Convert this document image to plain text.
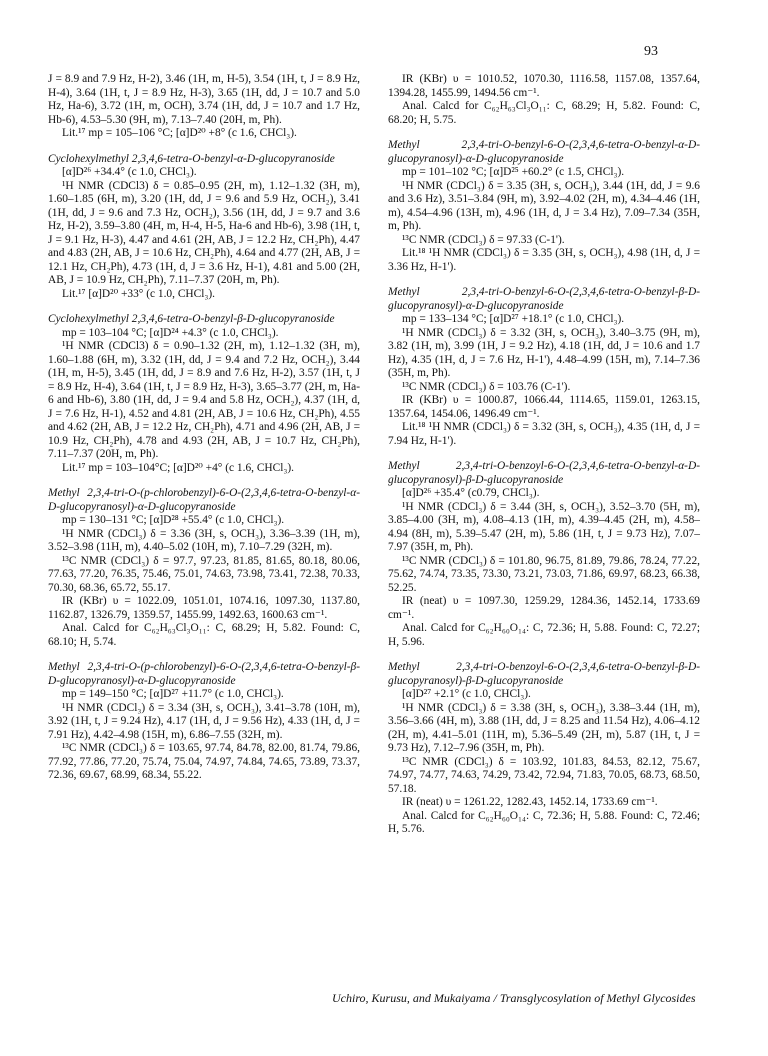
93
J = 8.9 and 7.9 Hz, H-2), 3.46 (1H, m, H-5), 3.54 (1H, t, J = 8.9 Hz, H-4), 3.64 (1H, t, J = 8.9 Hz, H-3), 3.65 (1H, dd, J = 10.7 and 5.0 Hz, Ha-6), 3.72 (1H, m, OCH), 3.74 (1H, dd, J = 10.7 and 1.7 Hz, Hb-6), 4.53–5.30 (9H, m), 7.13–7.40 (20H, m, Ph).
Lit.¹⁷ mp = 105–106 °C; [α]D²⁰ +8° (c 1.6, CHCl₃).
Cyclohexylmethyl 2,3,4,6-tetra-O-benzyl-α-D-glucopyranoside
[α]D²⁶ +34.4° (c 1.0, CHCl₃).
¹H NMR (CDCl3) δ = 0.85–0.95 (2H, m), 1.12–1.32 (3H, m), 1.60–1.85 (6H, m), 3.20 (1H, dd, J = 9.6 and 5.9 Hz, OCH₂), 3.41 (1H, dd, J = 9.6 and 7.3 Hz, OCH₂), 3.56 (1H, dd, J = 9.7 and 3.6 Hz, H-2), 3.59–3.80 (4H, m, H-4, H-5, Ha-6 and Hb-6), 3.98 (1H, t, J = 9.1 Hz, H-3), 4.47 and 4.61 (2H, AB, J = 12.2 Hz, CH₂Ph), 4.47 and 4.83 (2H, AB, J = 10.6 Hz, CH₂Ph), 4.64 and 4.77 (2H, AB, J = 12.1 Hz, CH₂Ph), 4.73 (1H, d, J = 3.6 Hz, H-1), 4.81 and 5.00 (2H, AB, J = 10.9 Hz, CH₂Ph), 7.11–7.37 (20H, m, Ph).
Lit.¹⁷ [α]D²⁰ +33° (c 1.0, CHCl₃).
Cyclohexylmethyl 2,3,4,6-tetra-O-benzyl-β-D-glucopyranoside
mp = 103–104 °C; [α]D²⁴ +4.3° (c 1.0, CHCl₃).
¹H NMR (CDCl3) δ = 0.90–1.32 (2H, m), 1.12–1.32 (3H, m), 1.60–1.88 (6H, m), 3.32 (1H, dd, J = 9.4 and 7.2 Hz, OCH₂), 3.44 (1H, m, H-5), 3.45 (1H, dd, J = 8.9 and 7.6 Hz, H-2), 3.57 (1H, t, J = 8.9 Hz, H-4), 3.64 (1H, t, J = 8.9 Hz, H-3), 3.65–3.77 (2H, m, Ha-6 and Hb-6), 3.80 (1H, dd, J = 9.4 and 5.8 Hz, OCH₂), 4.37 (1H, d, J = 7.6 Hz, H-1), 4.52 and 4.81 (2H, AB, J = 10.6 Hz, CH₂Ph), 4.55 and 4.62 (2H, AB, J = 12.2 Hz, CH₂Ph), 4.71 and 4.96 (2H, AB, J = 10.9 Hz, CH₂Ph), 4.78 and 4.93 (2H, AB, J = 10.7 Hz, CH₂Ph), 7.11–7.37 (20H, m, Ph).
Lit.¹⁷ mp = 103–104°C; [α]D²⁰ +4° (c 1.6, CHCl₃).
Methyl 2,3,4-tri-O-(p-chlorobenzyl)-6-O-(2,3,4,6-tetra-O-benzyl-α-D-glucopyranosyl)-α-D-glucopyranoside
mp = 130–131 °C; [α]D²⁸ +55.4° (c 1.0, CHCl₃).
¹H NMR (CDCl₃) δ = 3.36 (3H, s, OCH₃), 3.36–3.39 (1H, m), 3.52–3.98 (11H, m), 4.40–5.02 (10H, m), 7.10–7.29 (32H, m).
¹³C NMR (CDCl₃) δ = 97.7, 97.23, 81.85, 81.65, 80.18, 80.06, 77.63, 77.20, 76.35, 75.46, 75.01, 74.63, 73.98, 73.41, 72.38, 70.33, 70.30, 68.36, 65.72, 55.17.
IR (KBr) υ = 1022.09, 1051.01, 1074.16, 1097.30, 1137.80, 1162.87, 1326.79, 1359.57, 1455.99, 1492.63, 1600.63 cm⁻¹.
Anal. Calcd for C₆₂H₆₃Cl₃O₁₁: C, 68.29; H, 5.82. Found: C, 68.10; H, 5.74.
Methyl 2,3,4-tri-O-(p-chlorobenzyl)-6-O-(2,3,4,6-tetra-O-benzyl-β-D-glucopyranosyl)-α-D-glucopyranoside
mp = 149–150 °C; [α]D²⁷ +11.7° (c 1.0, CHCl₃).
¹H NMR (CDCl₃) δ = 3.34 (3H, s, OCH₃), 3.41–3.78 (10H, m), 3.92 (1H, t, J = 9.24 Hz), 4.17 (1H, d, J = 9.56 Hz), 4.33 (1H, d, J = 7.91 Hz), 4.42–4.98 (15H, m), 6.86–7.55 (32H, m).
¹³C NMR (CDCl₃) δ = 103.65, 97.74, 84.78, 82.00, 81.74, 79.86, 77.92, 77.86, 77.20, 75.74, 75.04, 74.97, 74.84, 74.65, 73.89, 73.37, 72.36, 69.67, 68.99, 68.34, 55.22.
IR (KBr) υ = 1010.52, 1070.30, 1116.58, 1157.08, 1357.64, 1394.28, 1455.99, 1494.56 cm⁻¹.
Anal. Calcd for C₆₂H₆₃Cl₃O₁₁: C, 68.29; H, 5.82. Found: C, 68.20; H, 5.75.
Methyl 2,3,4-tri-O-benzyl-6-O-(2,3,4,6-tetra-O-benzyl-α-D-glucopyranosyl)-α-D-glucopyranoside
mp = 101–102 °C; [α]D²⁵ +60.2° (c 1.5, CHCl₃).
¹H NMR (CDCl₃) δ = 3.35 (3H, s, OCH₃), 3.44 (1H, dd, J = 9.6 and 3.6 Hz), 3.51–3.84 (9H, m), 3.92–4.02 (2H, m), 4.34–4.46 (1H, m), 4.54–4.96 (13H, m), 4.96 (1H, d, J = 3.4 Hz), 7.09–7.34 (35H, m, Ph).
¹³C NMR (CDCl₃) δ = 97.33 (C-1').
Lit.¹⁸ ¹H NMR (CDCl₃) δ = 3.35 (3H, s, OCH₃), 4.98 (1H, d, J = 3.36 Hz, H-1').
Methyl 2,3,4-tri-O-benzyl-6-O-(2,3,4,6-tetra-O-benzyl-β-D-glucopyranosyl)-α-D-glucopyranoside
mp = 133–134 °C; [α]D²⁷ +18.1° (c 1.0, CHCl₃).
¹H NMR (CDCl₃) δ = 3.32 (3H, s, OCH₃), 3.40–3.75 (9H, m), 3.82 (1H, m), 3.99 (1H, J = 9.2 Hz), 4.18 (1H, dd, J = 10.6 and 1.7 Hz), 4.35 (1H, d, J = 7.6 Hz, H-1'), 4.48–4.99 (15H, m), 7.14–7.36 (35H, m, Ph).
¹³C NMR (CDCl₃) δ = 103.76 (C-1').
IR (KBr) υ = 1000.87, 1066.44, 1114.65, 1159.01, 1263.15, 1357.64, 1454.06, 1496.49 cm⁻¹.
Lit.¹⁸ ¹H NMR (CDCl₃) δ = 3.32 (3H, s, OCH₃), 4.35 (1H, d, J = 7.94 Hz, H-1').
Methyl 2,3,4-tri-O-benzoyl-6-O-(2,3,4,6-tetra-O-benzyl-α-D-glucopyranosyl)-β-D-glucopyranoside
[α]D²⁶ +35.4° (c0.79, CHCl₃).
¹H NMR (CDCl₃) δ = 3.44 (3H, s, OCH₃), 3.52–3.70 (5H, m), 3.85–4.00 (3H, m), 4.08–4.13 (1H, m), 4.39–4.45 (2H, m), 4.58–4.94 (8H, m), 5.39–5.47 (2H, m), 5.86 (1H, t, J = 9.73 Hz), 7.07–7.97 (35H, m, Ph).
¹³C NMR (CDCl₃) δ = 101.80, 96.75, 81.89, 79.86, 78.24, 77.22, 75.62, 74.74, 73.35, 73.30, 73.21, 73.03, 71.86, 69.97, 68.23, 66.38, 52.25.
IR (neat) υ = 1097.30, 1259.29, 1284.36, 1452.14, 1733.69 cm⁻¹.
Anal. Calcd for C₆₂H₆₀O₁₄: C, 72.36; H, 5.88. Found: C, 72.27; H, 5.96.
Methyl 2,3,4-tri-O-benzoyl-6-O-(2,3,4,6-tetra-O-benzyl-β-D-glucopyranosyl)-β-D-glucopyranoside
[α]D²⁷ +2.1° (c 1.0, CHCl₃).
¹H NMR (CDCl₃) δ = 3.38 (3H, s, OCH₃), 3.38–3.44 (1H, m), 3.56–3.66 (4H, m), 3.88 (1H, dd, J = 8.25 and 11.54 Hz), 4.06–4.12 (2H, m), 4.41–5.01 (11H, m), 5.36–5.49 (2H, m), 5.87 (1H, t, J = 9.73 Hz), 7.12–7.96 (35H, m, Ph).
¹³C NMR (CDCl₃) δ = 103.92, 101.83, 84.53, 82.12, 75.67, 74.97, 74.77, 74.63, 74.29, 73.42, 72.94, 71.83, 70.05, 68.73, 68.50, 57.18.
IR (neat) υ = 1261.22, 1282.43, 1452.14, 1733.69 cm⁻¹.
Anal. Calcd for C₆₂H₆₀O₁₄: C, 72.36; H, 5.88. Found: C, 72.46; H, 5.76.
Uchiro, Kurusu, and Mukaiyama / Transglycosylation of Methyl Glycosides
